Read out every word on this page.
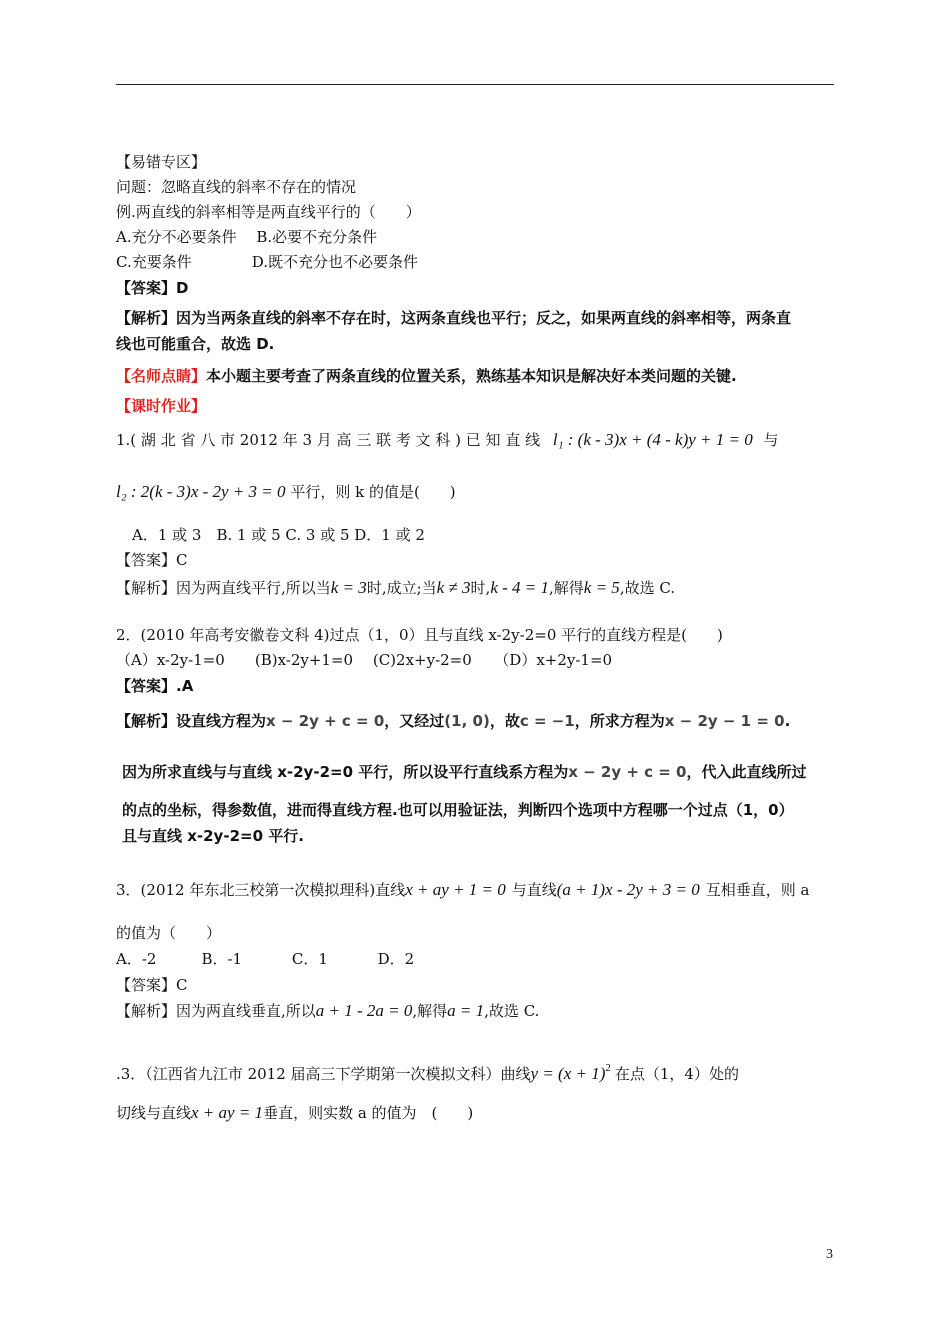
【易错专区】
问题：忽略直线的斜率不存在的情况
例.两直线的斜率相等是两直线平行的（　　）
A.充分不必要条件　 B.必要不充分条件
C.充要条件　　　　D.既不充分也不必要条件
【答案】D
【解析】因为当两条直线的斜率不存在时，这两条直线也平行；反之，如果两直线的斜率相等，两条直
线也可能重合，故选 D.
【名师点睛】本小题主要考查了两条直线的位置关系，熟练基本知识是解决好本类问题的关键.
【课时作业】
1.( 湖 北 省 八 市 2012 年 3 月 高 三 联 考 文 科 ) 已 知 直 线 l₁ : (k - 3)x + (4 - k)y + 1 = 0 与
l₂ : 2(k - 3)x - 2y + 3 = 0 平行，则 k 的值是(　　)
A．1 或 3　B. 1 或 5 C. 3 或 5 D．1 或 2
【答案】C
【解析】因为两直线平行,所以当k = 3时,成立;当k ≠ 3时,k - 4 = 1,解得k = 5,故选 C.
2．(2010 年高考安徽卷文科 4)过点（1，0）且与直线 x-2y-2=0 平行的直线方程是(　　)
（A）x-2y-1=0　　(B)x-2y+1=0　 (C)2x+y-2=0　　（D）x+2y-1=0
【答案】.A
【解析】设直线方程为x − 2y + c = 0，又经过(1, 0)，故c = −1，所求方程为x − 2y − 1 = 0.
因为所求直线与与直线 x-2y-2=0 平行，所以设平行直线系方程为x − 2y + c = 0，代入此直线所过
的点的坐标，得参数值，进而得直线方程.也可以用验证法，判断四个选项中方程哪一个过点（1，0）
且与直线 x-2y-2=0 平行.
3．(2012 年东北三校第一次模拟理科)直线x + ay + 1 = 0 与直线(a + 1)x - 2y + 3 = 0 互相垂直，则 a
的值为（　　）
A．-2　　　B．-1　　　 C．1　　　 D．2
【答案】C
【解析】因为两直线垂直,所以a + 1 - 2a = 0,解得a = 1,故选 C.
.3．（江西省九江市 2012 届高三下学期第一次模拟文科）曲线$y = (x + 1)^2$ 在点（1，4）处的
切线与直线x + ay = 1垂直，则实数 a 的值为　(　　)
3
